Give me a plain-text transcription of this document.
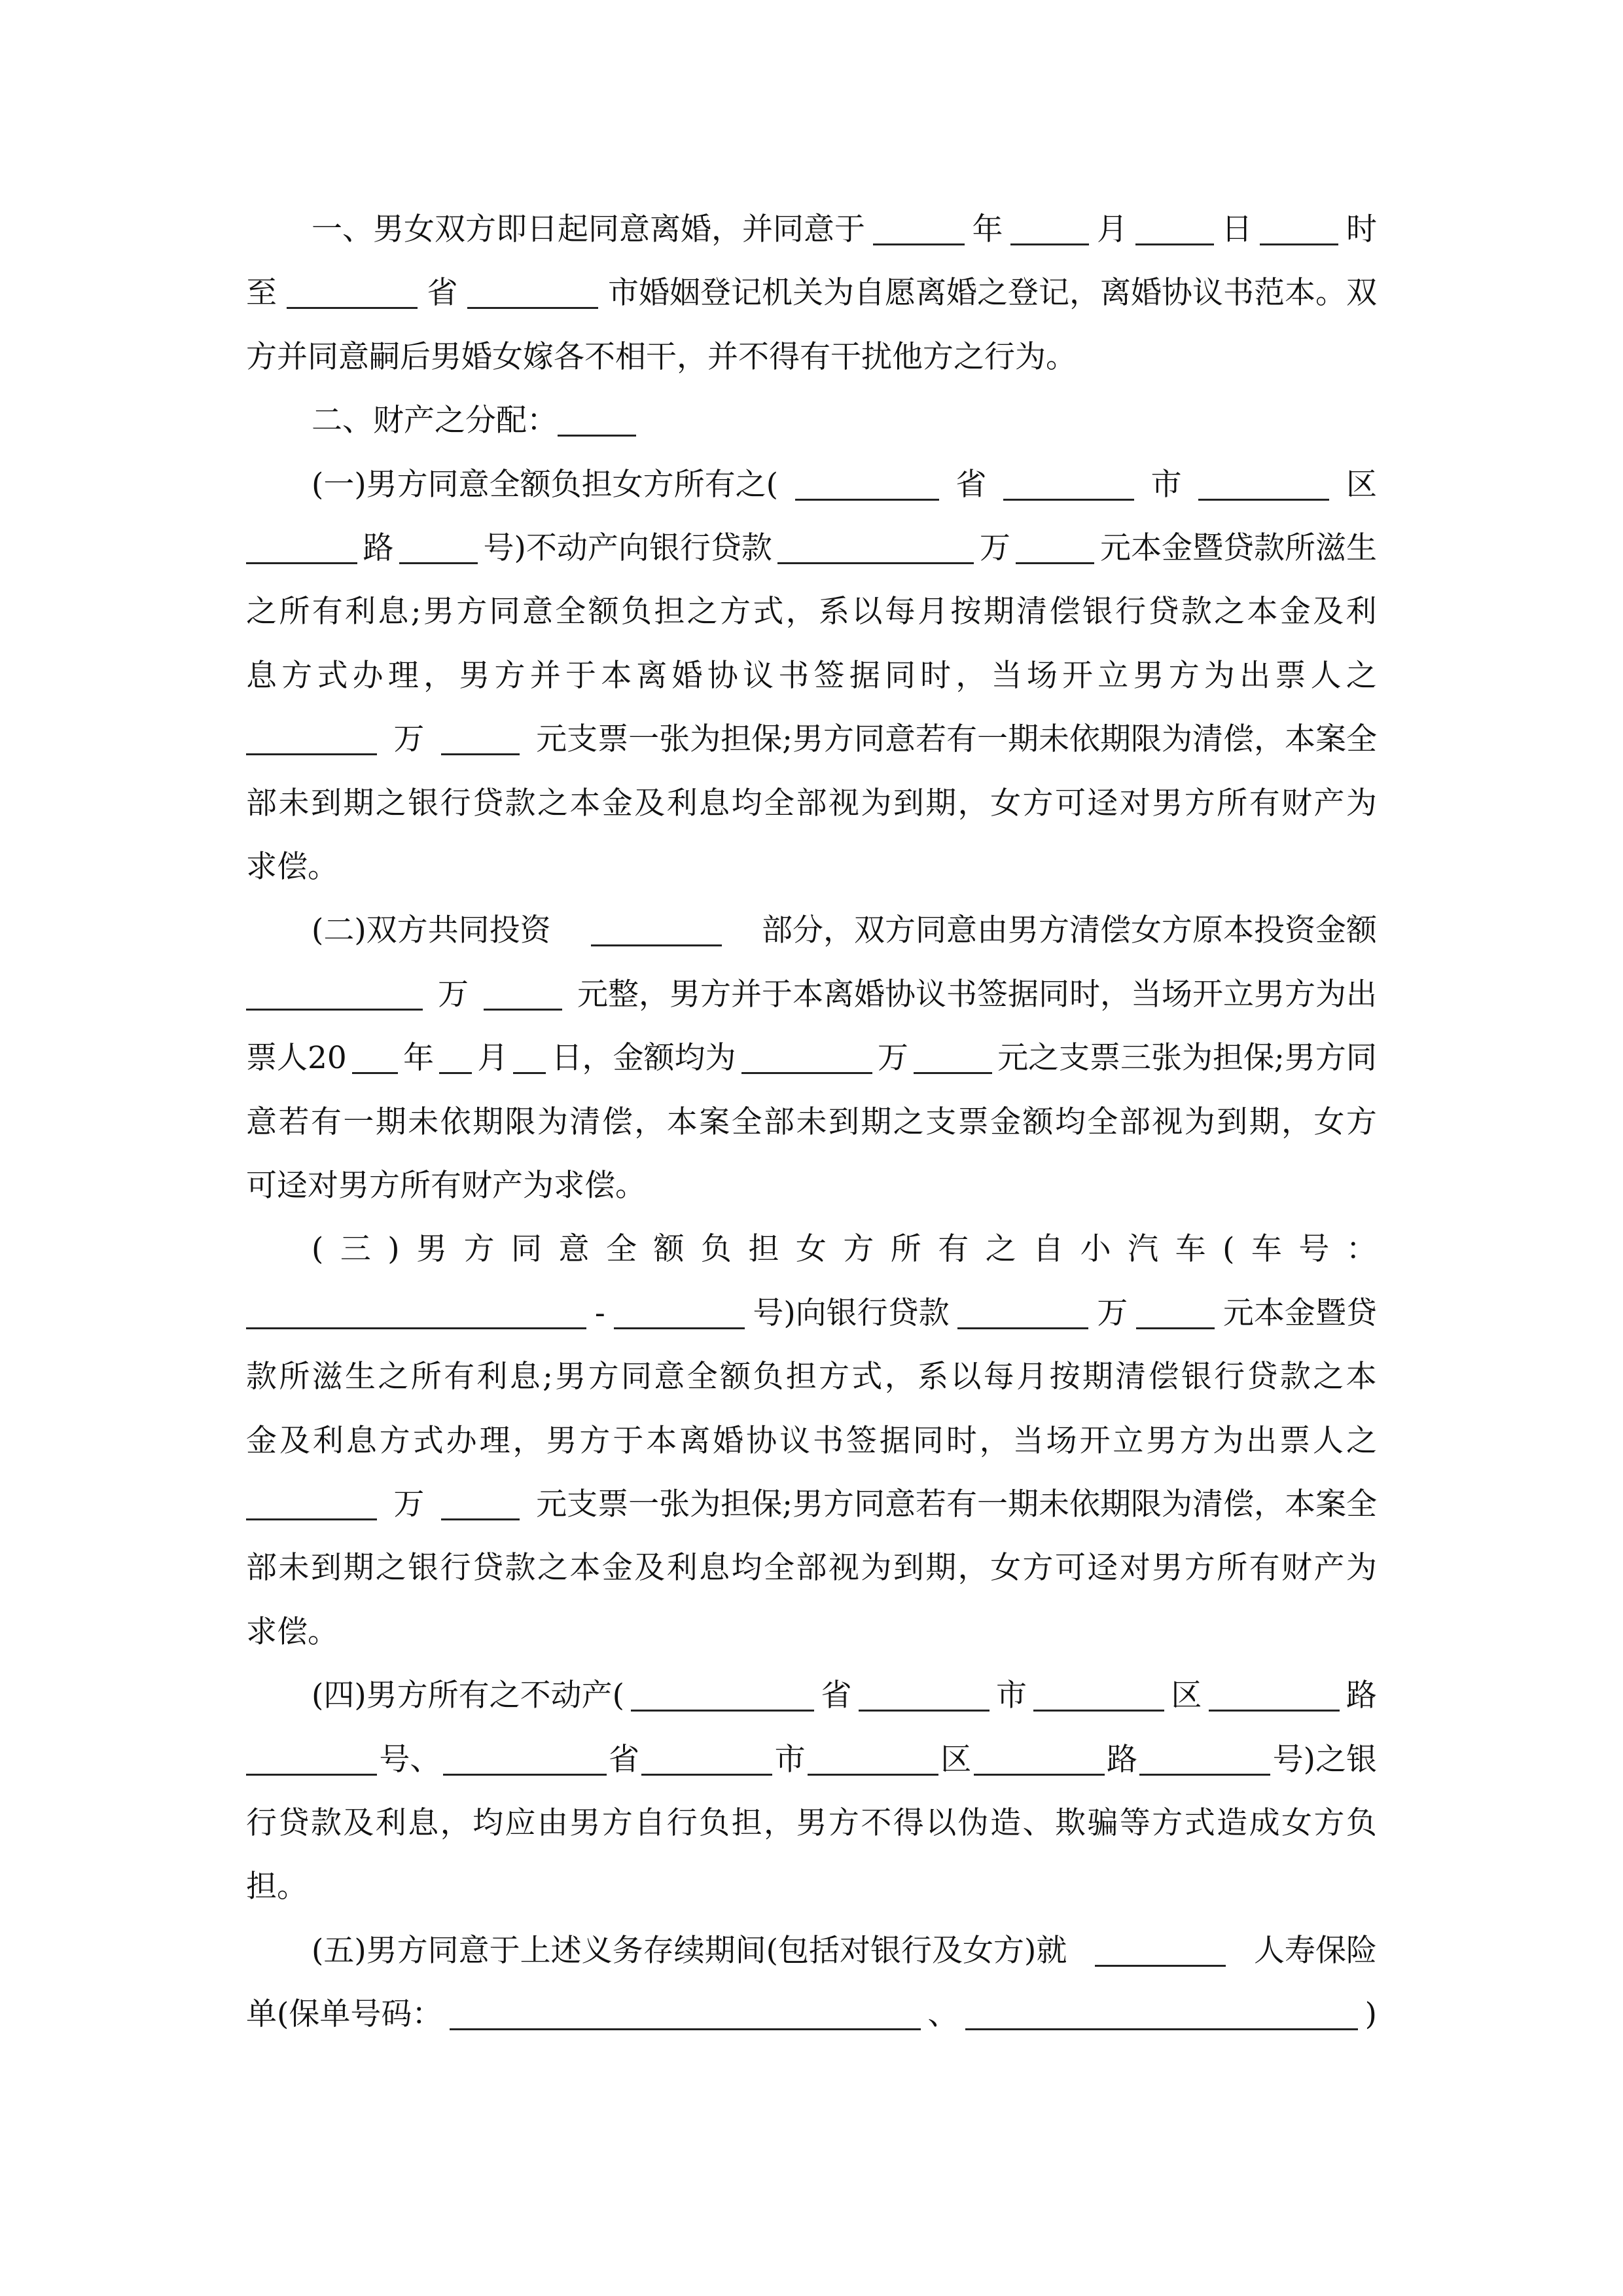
一、男女双方即日起同意离婚，并同意于	年	月	日	时
至	省	市婚姻登记机关为自愿离婚之登记，离婚协议书范本。双
方并同意嗣后男婚女嫁各不相干，并不得有干扰他方之行为。
二、财产之分配：
(一)男方同意全额负担女方所有之(	省	市	区
路	号)不动产向银行贷款	万	元本金暨贷款所滋生
之 所 有 利 息 ; 男 方 同 意 全 额 负 担 之 方 式 ， 系 以 每 月 按 期 清 偿 银 行 贷 款 之 本 金 及 利
息 方 式 办 理 ， 男 方 并 于 本 离 婚 协 议 书 签 据 同 时 ， 当 场 开 立 男 方 为 出 票 人 之
万	元支票一张为担保;男方同意若有一期未依期限为清偿，本案全
部 未 到 期 之 银 行 贷 款 之 本 金 及 利 息 均 全 部 视 为 到 期 ， 女 方 可 迳 对 男 方 所 有 财 产 为
求偿。
(二)双方共同投资	部分，双方同意由男方清偿女方原本投资金额
万	元整，男方并于本离婚协议书签据同时，当场开立男方为出
票人20 年 月 日，金额均为	万	元之支票三张为担保;男方同
意 若 有 一 期 未 依 期 限 为 清 偿 ， 本 案 全 部 未 到 期 之 支 票 金 额 均 全 部 视 为 到 期 ， 女 方
可迳对男方所有财产为求偿。
( 三 ) 男 方 同 意 全 额 负 担 女 方 所 有 之 自 小 汽 车 ( 车 号 ：
-	号)向银行贷款	万	元本金暨贷
款 所 滋 生 之 所 有 利 息 ; 男 方 同 意 全 额 负 担 方 式 ， 系 以 每 月 按 期 清 偿 银 行 贷 款 之 本
金 及 利 息 方 式 办 理 ， 男 方 于 本 离 婚 协 议 书 签 据 同 时 ， 当 场 开 立 男 方 为 出 票 人 之
万	元支票一张为担保;男方同意若有一期未依期限为清偿，本案全
部 未 到 期 之 银 行 贷 款 之 本 金 及 利 息 均 全 部 视 为 到 期 ， 女 方 可 迳 对 男 方 所 有 财 产 为
求偿。
(四)男方所有之不动产(	省	市	区	路
号、	省	市	区	路	号)之银
行 贷 款 及 利 息 ， 均 应 由 男 方 自 行 负 担 ， 男 方 不 得 以 伪 造 、 欺 骗 等 方 式 造 成 女 方 负
担。
(五)男方同意于上述义务存续期间(包括对银行及女方)就	人寿保险
单(保单号码：	、	)
